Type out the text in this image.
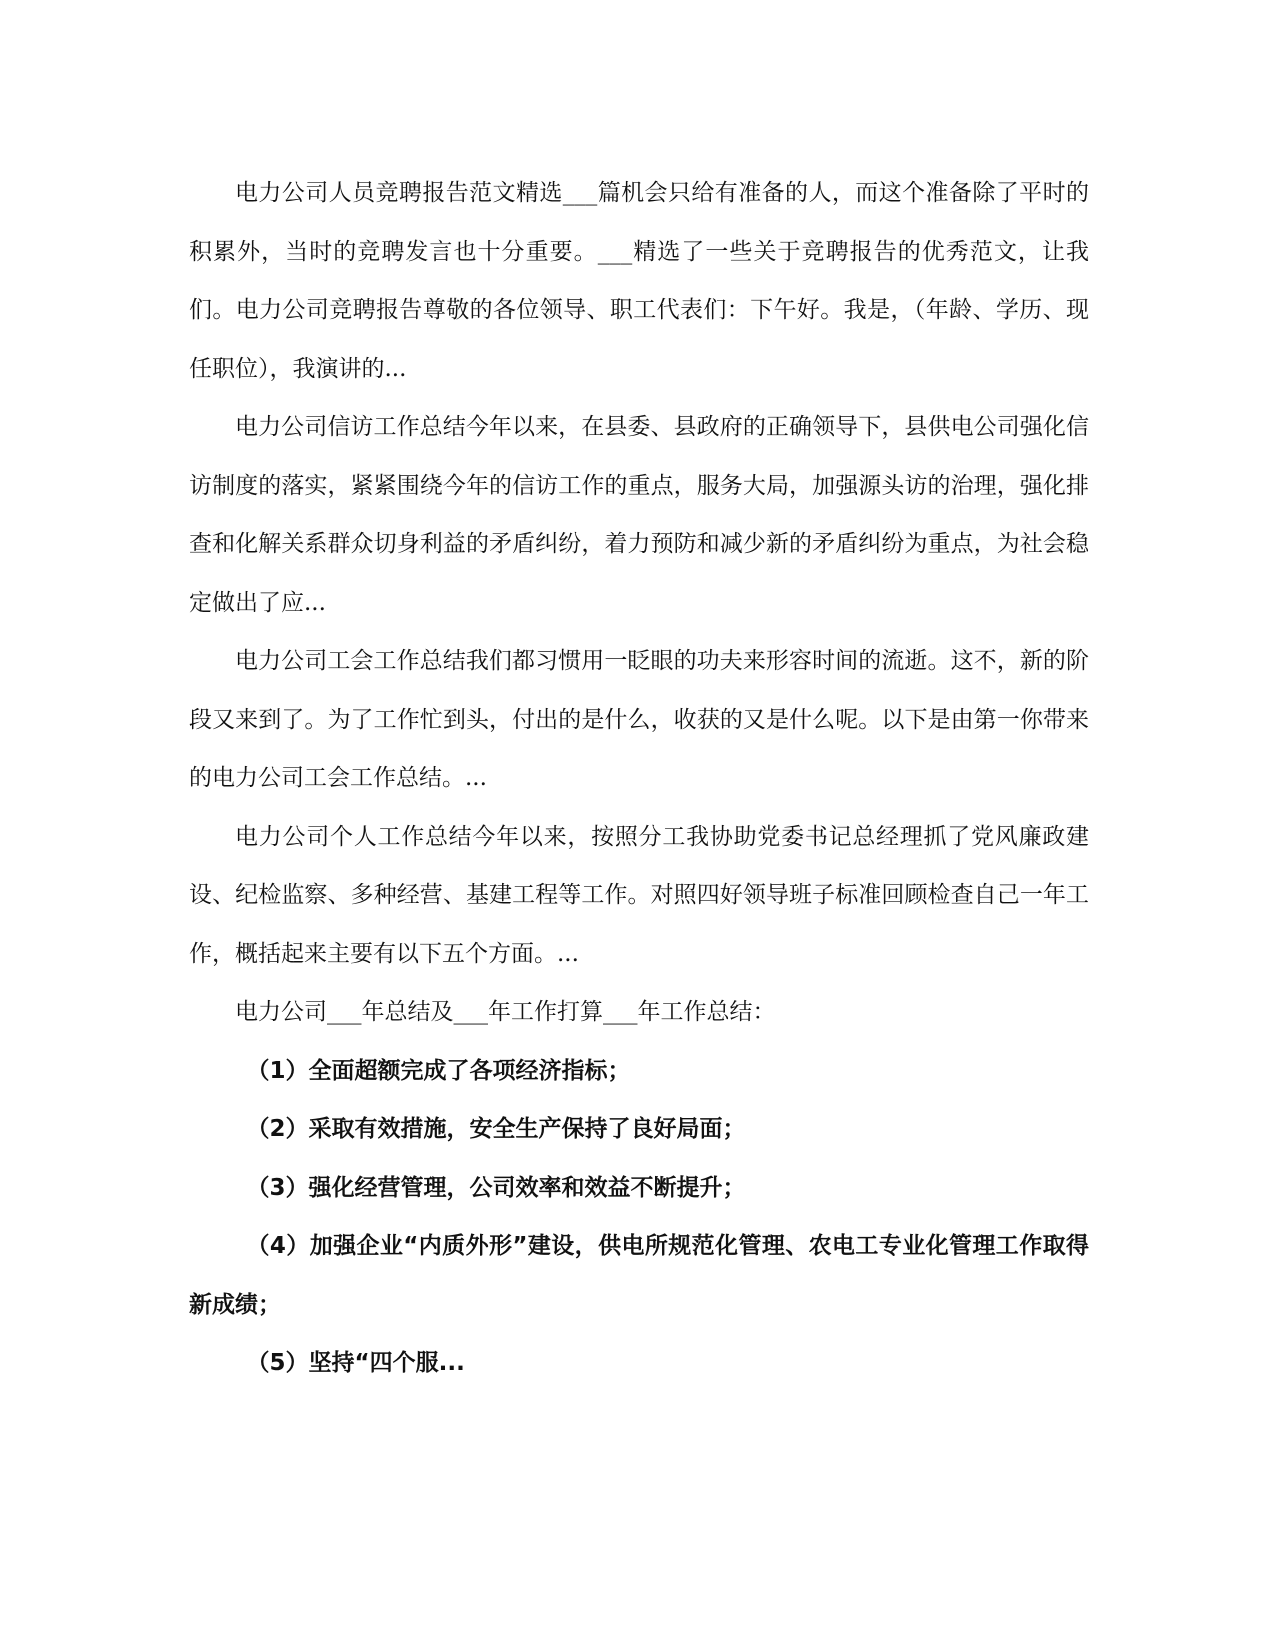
电力公司人员竞聘报告范文精选___篇机会只给有准备的人，而这个准备除了平时的积累外，当时的竞聘发言也十分重要。___精选了一些关于竞聘报告的优秀范文，让我们。电力公司竞聘报告尊敬的各位领导、职工代表们：下午好。我是，（年龄、学历、现任职位），我演讲的...

电力公司信访工作总结今年以来，在县委、县政府的正确领导下，县供电公司强化信访制度的落实，紧紧围绕今年的信访工作的重点，服务大局，加强源头访的治理，强化排查和化解关系群众切身利益的矛盾纠纷，着力预防和减少新的矛盾纠纷为重点，为社会稳定做出了应...

电力公司工会工作总结我们都习惯用一眨眼的功夫来形容时间的流逝。这不，新的阶段又来到了。为了工作忙到头，付出的是什么，收获的又是什么呢。以下是由第一你带来的电力公司工会工作总结。...

电力公司个人工作总结今年以来，按照分工我协助党委书记总经理抓了党风廉政建设、纪检监察、多种经营、基建工程等工作。对照四好领导班子标准回顾检查自己一年工作，概括起来主要有以下五个方面。...

电力公司___年总结及___年工作打算___年工作总结：

（1）全面超额完成了各项经济指标；

（2）采取有效措施，安全生产保持了良好局面；

（3）强化经营管理，公司效率和效益不断提升；

（4）加强企业“内质外形”建设，供电所规范化管理、农电工专业化管理工作取得新成绩；

（5）坚持“四个服...
